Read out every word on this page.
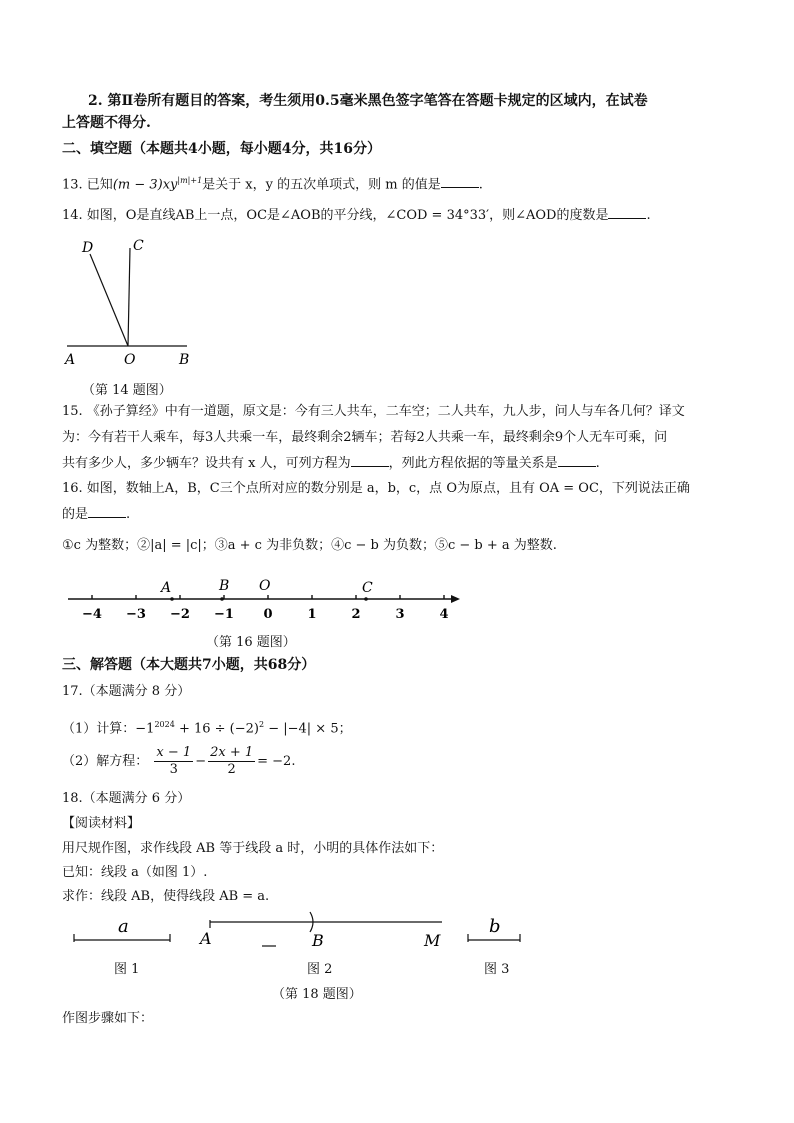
2. 第Ⅱ卷所有题目的答案，考生须用0.5毫米黑色签字笔答在答题卡规定的区域内，在试卷
上答题不得分.
二、填空题（本题共4小题，每小题4分，共16分）
13. 已知$(m - 3)xy^{|m|+1}$是关于 x，y 的五次单项式，则 m 的值是	.
14. 如图，O是直线AB上一点，OC是∠AOB的平分线，∠COD = 34°33′，则∠AOD的度数是	.
D	C
A	O	B
（第 14 题图）
15. 《孙子算经》中有一道题，原文是：今有三人共车，二车空；二人共车，九人步，问人与车各几何？译文
为：今有若干人乘车，每3人共乘一车，最终剩余2辆车；若每2人共乘一车，最终剩余9个人无车可乘，问
共有多少人，多少辆车？设共有 x 人，可列方程为	，列此方程依据的等量关系是	.
16. 如图，数轴上A，B，C三个点所对应的数分别是 a，b，c，点 O为原点，且有 OA = OC，下列说法正确
的是	.
①c 为整数；②|a| = |c|；③a + c 为非负数；④c − b 为负数；⑤c − b + a 为整数.
−4 −3 −2 −1 0	1	2	3	4
A	B O	C
（第 16 题图）
三、解答题（本大题共7小题，共68分）
17.（本题满分 8 分）
（1）计算：$-1^{2024} + 16 \div (-2)^2 - |-4| \times 5$；
（2）解方程： $\frac{x - 1}{3} - \frac{2x + 1}{2} = -2$.
18.（本题满分 6 分）
【阅读材料】
用尺规作图，求作线段 AB 等于线段 a 时，小明的具体作法如下：
已知：线段 a（如图 1）.
求作：线段 AB，使得线段 AB = a.
a
图 1
A	B	M
图 2
b
图 3
（第 18 题图）
作图步骤如下：
